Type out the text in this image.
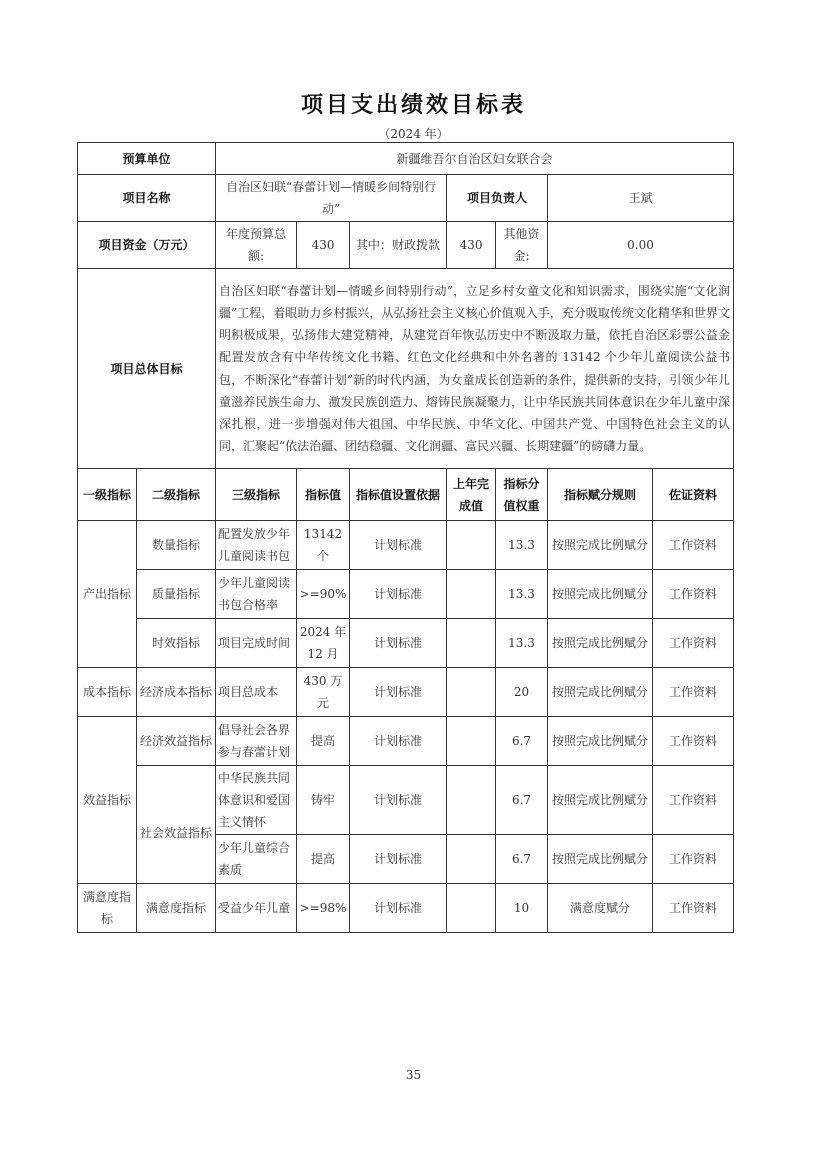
项目支出绩效目标表
（2024 年）
预算单位		新疆维吾尔自治区妇女联合会						
项目名称		自治区妇联“春蕾计划—情暖乡间特别行动”			项目负责人		王斌	
项目资金（万元）		年度预算总额:	430	其中：财政拨款	430	其他资金:	0.00	
项目总体目标		自治区妇联“春蕾计划—情暖乡间特别行动”，立足乡村女童文化和知识需求，围绕实施“文化润疆”工程，着眼助力乡村振兴，从弘扬社会主义核心价值观入手，充分吸取传统文化精华和世界文明积极成果，弘扬伟大建党精神，从建党百年恢弘历史中不断汲取力量，依托自治区彩票公益金配置发放含有中华传统文化书籍、红色文化经典和中外名著的 13142 个少年儿童阅读公益书包，不断深化“春蕾计划”新的时代内涵，为女童成长创造新的条件，提供新的支持，引领少年儿童滋养民族生命力、激发民族创造力、熔铸民族凝聚力，让中华民族共同体意识在少年儿童中深深扎根，进一步增强对伟大祖国、中华民族、中华文化、中国共产党、中国特色社会主义的认同，汇聚起“依法治疆、团结稳疆、文化润疆、富民兴疆、长期建疆”的磅礴力量。						
一级指标	二级指标	三级指标	指标值	指标值设置依据	上年完成值	指标分值权重	指标赋分规则	佐证资料
产出指标	数量指标	配置发放少年儿童阅读书包	13142 个	计划标准		13.3	按照完成比例赋分	工作资料
	质量指标	少年儿童阅读书包合格率	>=90%	计划标准		13.3	按照完成比例赋分	工作资料
	时效指标	项目完成时间	2024 年 12 月	计划标准		13.3	按照完成比例赋分	工作资料
成本指标	经济成本指标	项目总成本	430 万元	计划标准		20	按照完成比例赋分	工作资料
效益指标	经济效益指标	倡导社会各界参与春蕾计划	提高	计划标准		6.7	按照完成比例赋分	工作资料
	社会效益指标	中华民族共同体意识和爱国主义情怀	铸牢	计划标准		6.7	按照完成比例赋分	工作资料
		少年儿童综合素质	提高	计划标准		6.7	按照完成比例赋分	工作资料
满意度指标	满意度指标	受益少年儿童	>=98%	计划标准		10	满意度赋分	工作资料
35
